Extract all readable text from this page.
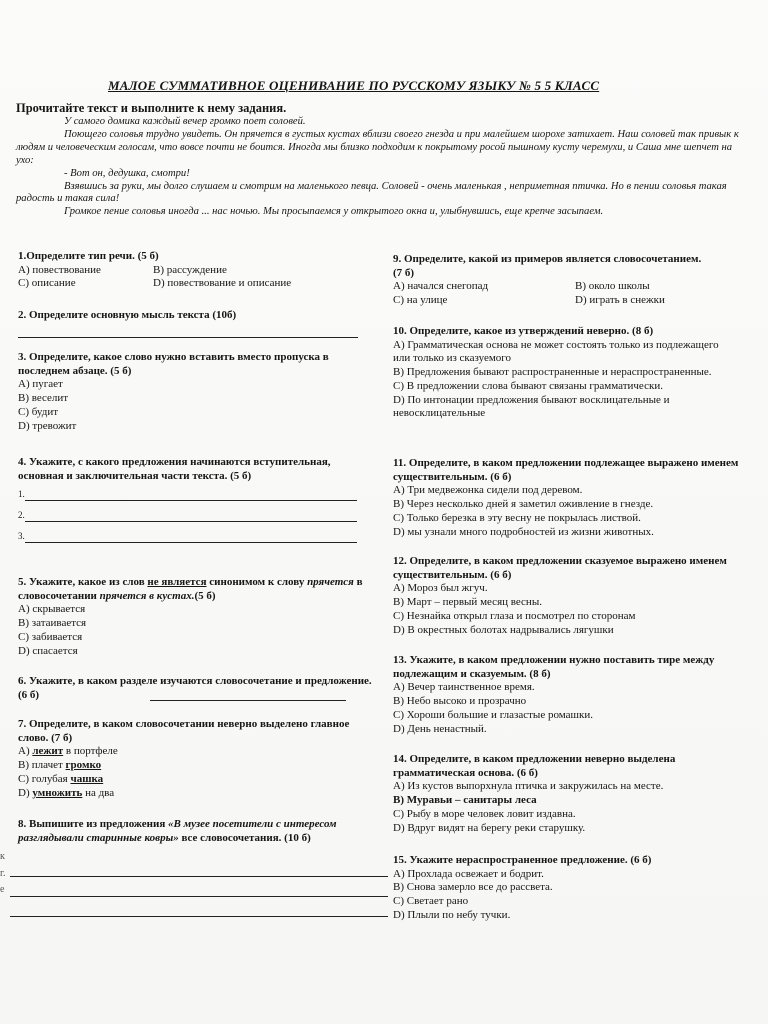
МАЛОЕ СУММАТИВНОЕ ОЦЕНИВАНИЕ ПО РУССКОМУ ЯЗЫКУ № 5 5 КЛАСС
Прочитайте текст и выполните к нему задания.

У самого домика каждый вечер громко поет соловей.

Поющего соловья трудно увидеть. Он прячется в густых кустах вблизи своего гнезда и при малейшем шорохе затихает. Наш соловей так привык к людям и человеческим голосам, что вовсе почти не боится. Иногда мы близко подходим к покрытому росой пышному кусту черемухи, и Саша мне шепчет на ухо:

- Вот он, дедушка, смотри!

Взявшись за руки, мы долго слушаем и смотрим на маленького певца. Соловей - очень маленькая , неприметная птичка. Но в пении соловья такая радость и такая сила!

Громкое пение соловья иногда ... нас ночью. Мы просыпаемся у открытого окна и, улыбнувшись, еще крепче засыпаем.

1.Определите тип речи. (5 б)
A) повествование	B) рассуждение
C) описание	D) повествование и описание
2. Определите основную мысль текста (10б)
3. Определите, какое слово нужно вставить вместо пропуска в последнем абзаце. (5 б)
A) пугает
B) веселит
C) будит
D) тревожит
4. Укажите, с какого предложения начинаются вступительная, основная и заключительная части текста. (5 б)
1.
2.
3.
5. Укажите, какое из слов не является синонимом к слову прячется в словосочетании прячется в кустах.(5 б)
A) скрывается
B) затаивается
C) забивается
D) спасается
6. Укажите, в каком разделе изучаются словосочетание и предложение. (6 б)
7. Определите, в каком словосочетании неверно выделено главное слово. (7 б)
A) лежит в портфеле
B) плачет громко
C) голубая чашка
D) умножить на два
8. Выпишите из предложения «В музее посетители с интересом разглядывали старинные ковры» все словосочетания. (10 б)
к
г.
е
9. Определите, какой из примеров является словосочетанием. (7 б)
A) начался снегопад	B) около школы
C) на улице	D) играть в снежки
10. Определите, какое из утверждений неверно. (8 б)
A) Грамматическая основа не может состоять только из подлежащего или только из сказуемого
B) Предложения бывают распространенные и нераспространенные.
C) В предложении слова бывают связаны грамматически.
D) По интонации предложения бывают восклицательные и невосклицательные
11. Определите, в каком предложении подлежащее выражено именем существительным. (6 б)
A) Три медвежонка сидели под деревом.
B) Через несколько дней я заметил оживление в гнезде.
C) Только березка в эту весну не покрылась листвой.
D) мы узнали много подробностей из жизни животных.
12. Определите, в каком предложении сказуемое выражено именем существительным. (6 б)
A) Мороз был жгуч.
B) Март – первый месяц весны.
C) Незнайка открыл глаза и посмотрел по сторонам
D) В окрестных болотах надрывались лягушки
13. Укажите, в каком предложении нужно поставить тире между подлежащим и сказуемым. (8 б)
A) Вечер таинственное время.
B) Небо высоко и прозрачно
C) Хороши большие и глазастые ромашки.
D) День ненастный.
14. Определите, в каком предложении неверно выделена грамматическая основа. (6 б)
A) Из кустов выпорхнула птичка и закружилась на месте.
B) Муравьи – санитары леса
C) Рыбу в море человек ловит издавна.
D) Вдруг видят на берегу реки старушку.
15. Укажите нераспространенное предложение. (6 б)
A) Прохлада освежает и бодрит.
B) Снова замерло все до рассвета.
C) Светает рано
D) Плыли по небу тучки.
